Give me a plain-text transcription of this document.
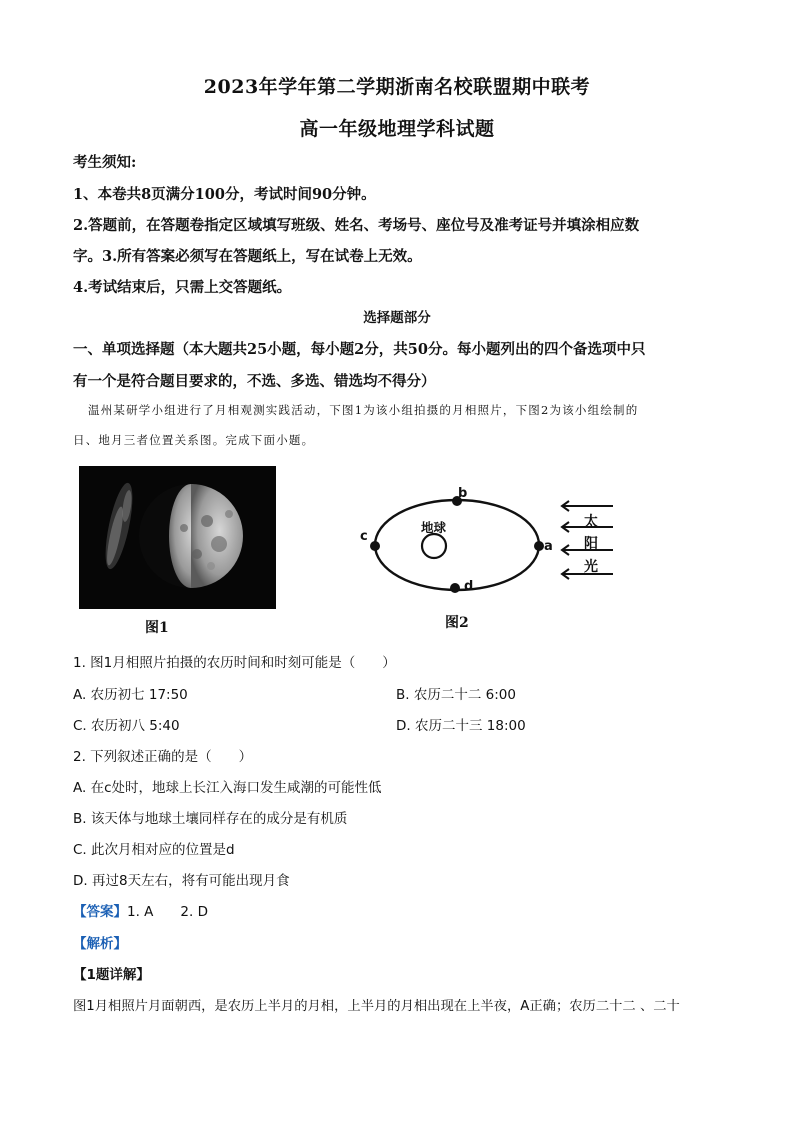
2023年学年第二学期浙南名校联盟期中联考
高一年级地理学科试题
考生须知:
1、本卷共8页满分100分，考试时间90分钟。
2.答题前，在答题卷指定区域填写班级、姓名、考场号、座位号及准考证号并填涂相应数
字。3.所有答案必须写在答题纸上，写在试卷上无效。
4.考试结束后，只需上交答题纸。
选择题部分
一、单项选择题（本大题共25小题，每小题2分，共50分。每小题列出的四个备选项中只
有一个是符合题目要求的，不选、多选、错选均不得分）
温州某研学小组进行了月相观测实践活动，下图1为该小组拍摄的月相照片，下图2为该小组绘制的
日、地月三者位置关系图。完成下面小题。
图1
地球
b
a
c
d
太
阳
光
图2
1. 图1月相照片拍摄的农历时间和时刻可能是（　　）
A. 农历初七 17:50	B. 农历二十二 6:00
C. 农历初八 5:40	D. 农历二十三 18:00
2. 下列叙述正确的是（　　）
A. 在c处时，地球上长江入海口发生咸潮的可能性低
B. 该天体与地球土壤同样存在的成分是有机质
C. 此次月相对应的位置是d
D. 再过8天左右，将有可能出现月食
【答案】1. A　　2. D
【解析】
【1题详解】
图1月相照片月面朝西，是农历上半月的月相，上半月的月相出现在上半夜，A正确；农历二十二 、二十
